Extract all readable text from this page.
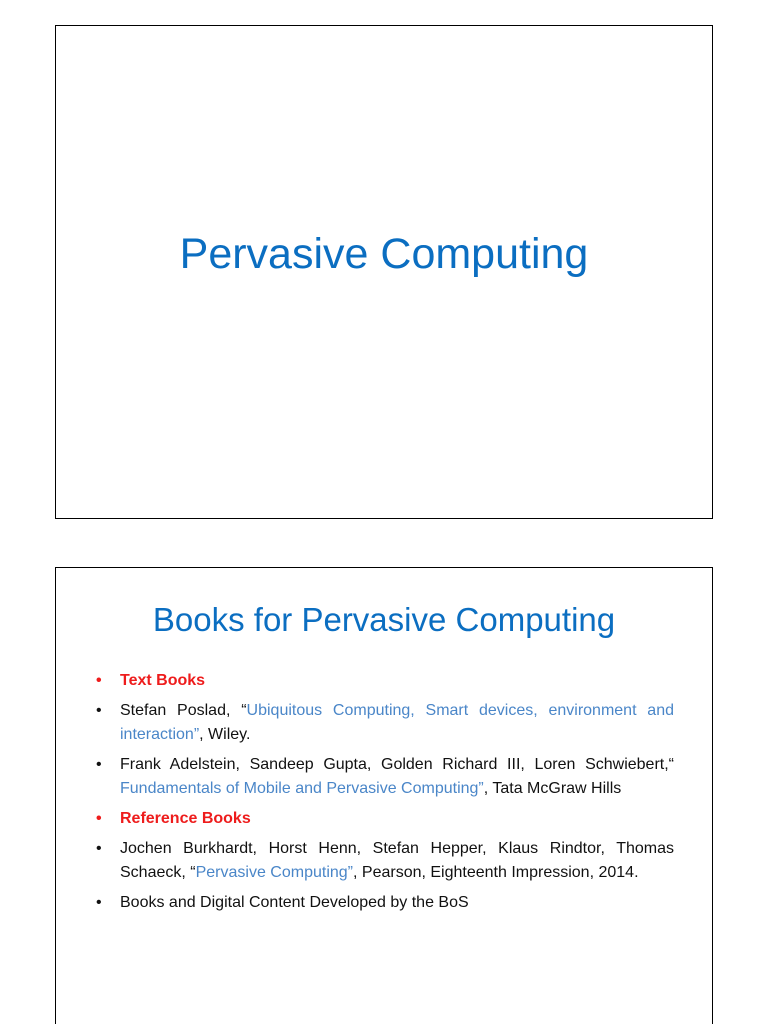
Pervasive Computing
Books for Pervasive Computing
• Text Books
• Stefan Poslad, “Ubiquitous Computing, Smart devices, environment and interaction”, Wiley.
• Frank Adelstein, Sandeep Gupta, Golden Richard III, Loren Schwiebert,“ Fundamentals of Mobile and Pervasive Computing”, Tata McGraw Hills
• Reference Books
• Jochen Burkhardt, Horst Henn, Stefan Hepper, Klaus Rindtor, Thomas Schaeck, “Pervasive Computing”, Pearson, Eighteenth Impression, 2014.
• Books and Digital Content Developed by the BoS
